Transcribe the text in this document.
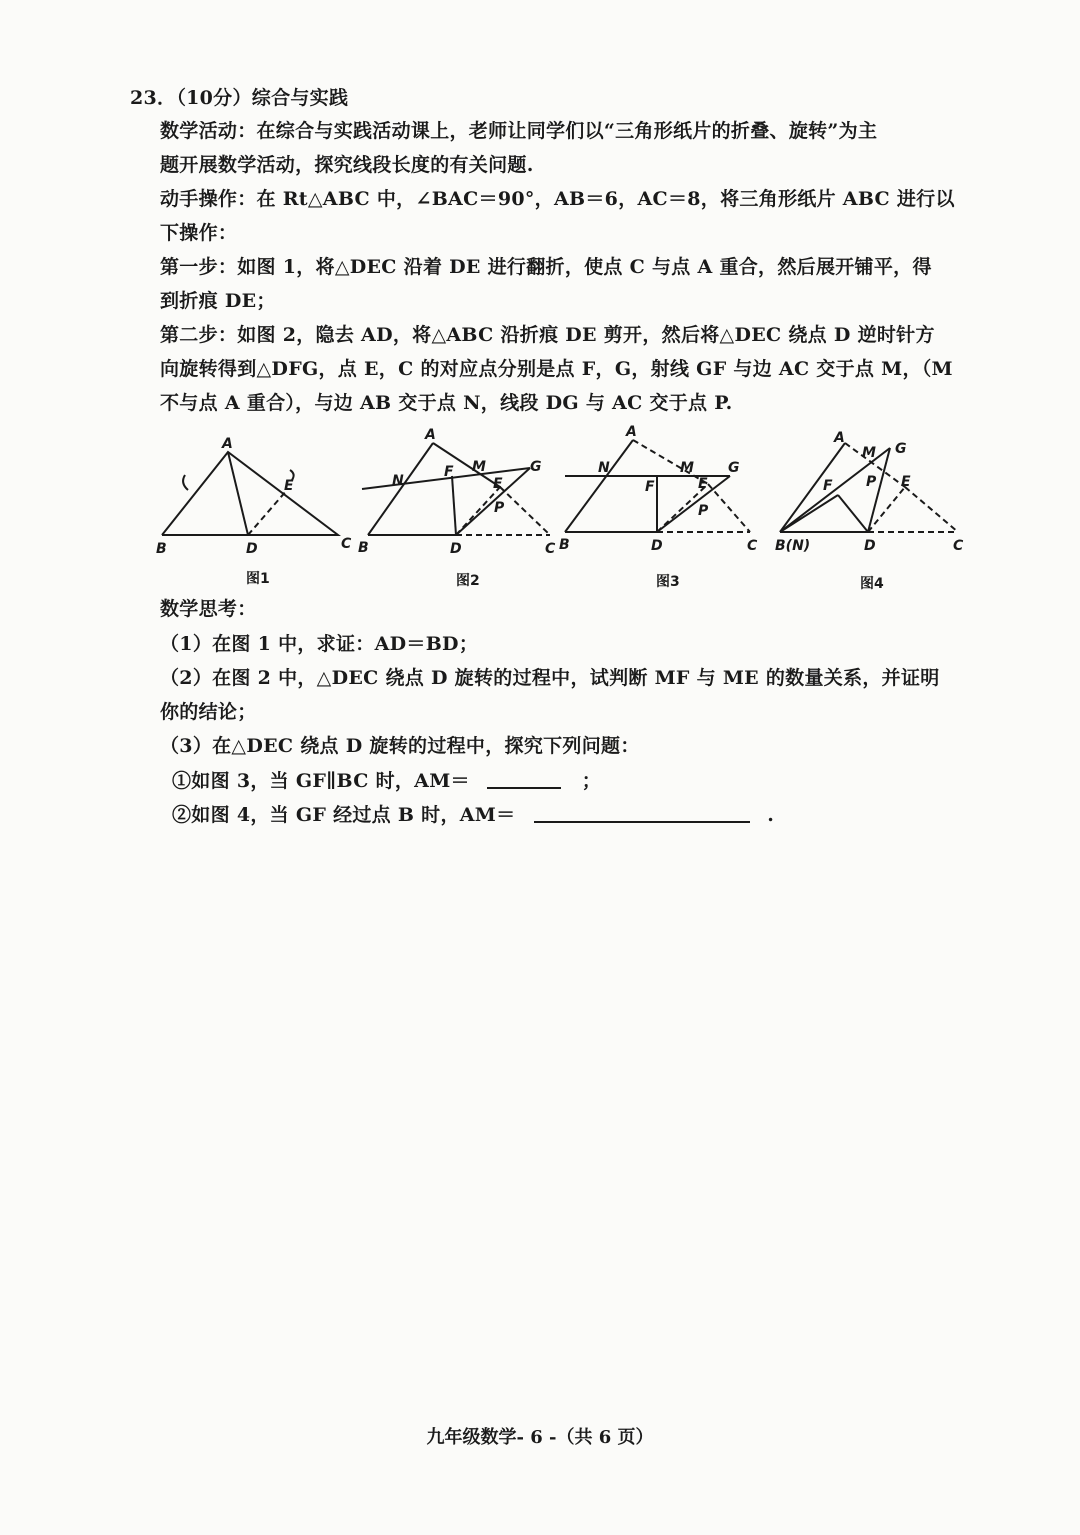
23．（10分）综合与实践
数学活动：在综合与实践活动课上，老师让同学们以“三角形纸片的折叠、旋转”为主
题开展数学活动，探究线段长度的有关问题.
动手操作：在 Rt△ABC 中，∠BAC＝90°，AB＝6，AC＝8，将三角形纸片 ABC 进行以
下操作：
第一步：如图 1，将△DEC 沿着 DE 进行翻折，使点 C 与点 A 重合，然后展开铺平，得
到折痕 DE；
第二步：如图 2，隐去 AD，将△ABC 沿折痕 DE 剪开，然后将△DEC 绕点 D 逆时针方
向旋转得到△DFG，点 E，C 的对应点分别是点 F，G，射线 GF 与边 AC 交于点 M，（M
不与点 A 重合），与边 AB 交于点 N，线段 DG 与 AC 交于点 P.
A
B	C
D
E
A
B	C
D
E
F	G
M
N
P
A
B	C
D
E
F
G
M
N
P
A
B(N)	C
D
E
F
G
M
P
图1	图2	图3	图4
数学思考：
（1）在图 1 中，求证：AD＝BD；
（2）在图 2 中，△DEC 绕点 D 旋转的过程中，试判断 MF 与 ME 的数量关系，并证明
你的结论；
（3）在△DEC 绕点 D 旋转的过程中，探究下列问题：
①如图 3，当 GF∥BC 时，AM＝	；
②如图 4，当 GF 经过点 B 时，AM＝	.
九年级数学- 6 -（共 6 页）
